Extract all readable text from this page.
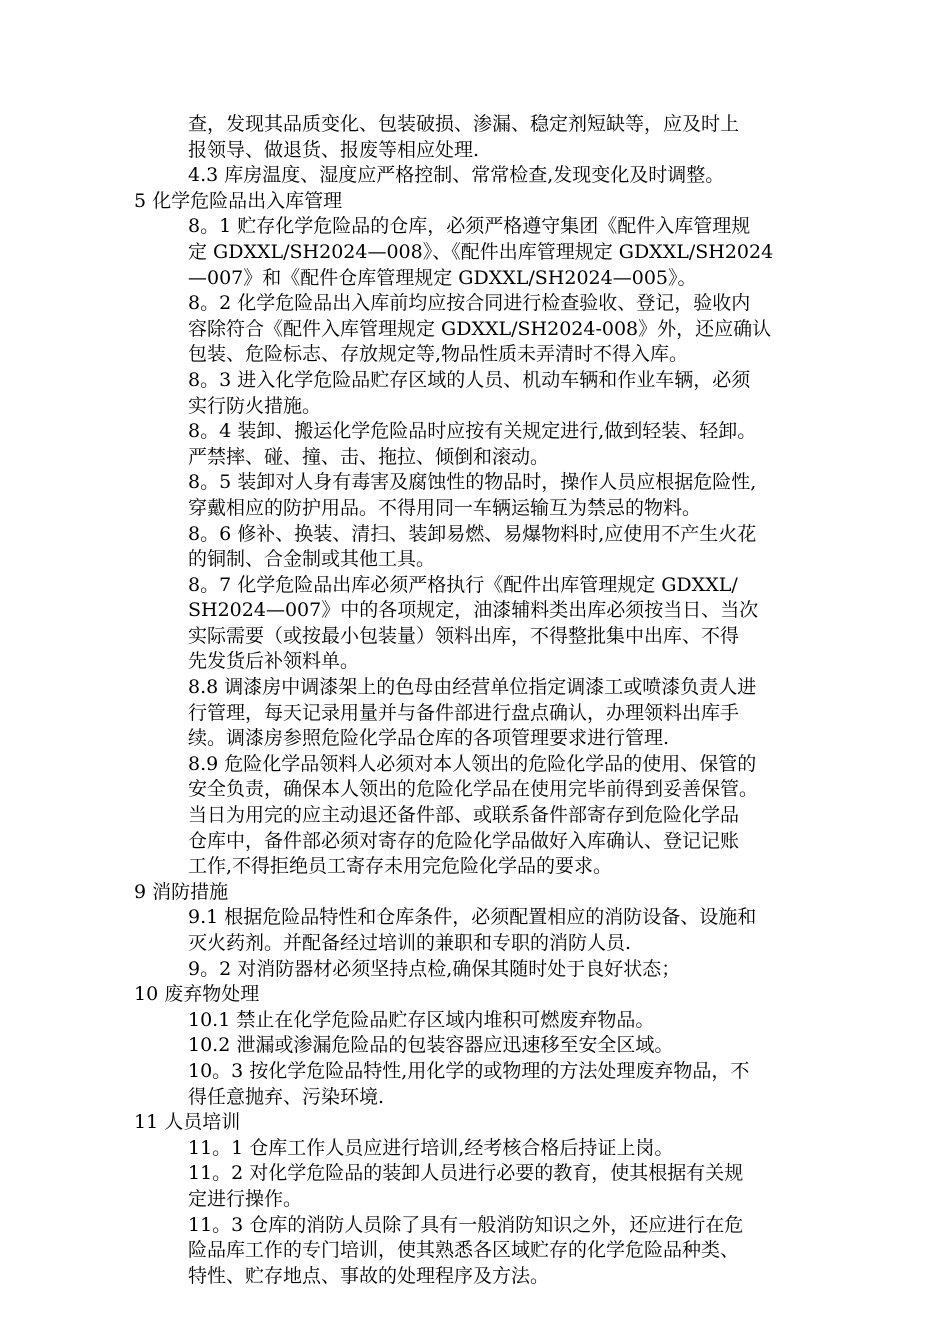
查，发现其品质变化、包装破损、渗漏、稳定剂短缺等，应及时上
报领导、做退货、报废等相应处理.

4.3 库房温度、湿度应严格控制、常常检查,发现变化及时调整。

5 化学危险品出入库管理

8。1 贮存化学危险品的仓库，必须严格遵守集团《配件入库管理规
定 GDXXL/SH2024—008》、《配件出库管理规定 GDXXL/SH2024
—007》和《配件仓库管理规定 GDXXL/SH2024—005》。

8。2 化学危险品出入库前均应按合同进行检查验收、登记，验收内
容除符合《配件入库管理规定 GDXXL/SH2024-008》外，还应确认
包装、危险标志、存放规定等,物品性质未弄清时不得入库。

8。3 进入化学危险品贮存区域的人员、机动车辆和作业车辆，必须
实行防火措施。

8。4 装卸、搬运化学危险品时应按有关规定进行,做到轻装、轻卸。
严禁摔、碰、撞、击、拖拉、倾倒和滚动。

8。5 装卸对人身有毒害及腐蚀性的物品时，操作人员应根据危险性,
穿戴相应的防护用品。不得用同一车辆运输互为禁忌的物料。

8。6 修补、换装、清扫、装卸易燃、易爆物料时,应使用不产生火花
的铜制、合金制或其他工具。

8。7 化学危险品出库必须严格执行《配件出库管理规定 GDXXL/
SH2024—007》中的各项规定，油漆辅料类出库必须按当日、当次
实际需要（或按最小包装量）领料出库，不得整批集中出库、不得
先发货后补领料单。

8.8 调漆房中调漆架上的色母由经营单位指定调漆工或喷漆负责人进
行管理，每天记录用量并与备件部进行盘点确认，办理领料出库手
续。调漆房参照危险化学品仓库的各项管理要求进行管理.

8.9 危险化学品领料人必须对本人领出的危险化学品的使用、保管的
安全负责，确保本人领出的危险化学品在使用完毕前得到妥善保管。
当日为用完的应主动退还备件部、或联系备件部寄存到危险化学品
仓库中，备件部必须对寄存的危险化学品做好入库确认、登记记账
工作,不得拒绝员工寄存未用完危险化学品的要求。

9 消防措施

9.1 根据危险品特性和仓库条件，必须配置相应的消防设备、设施和
灭火药剂。并配备经过培训的兼职和专职的消防人员.

9。2 对消防器材必须坚持点检,确保其随时处于良好状态；

10 废弃物处理

10.1 禁止在化学危险品贮存区域内堆积可燃废弃物品。

10.2 泄漏或渗漏危险品的包装容器应迅速移至安全区域。

10。3 按化学危险品特性,用化学的或物理的方法处理废弃物品，不
得任意抛弃、污染环境.

11 人员培训

11。1 仓库工作人员应进行培训,经考核合格后持证上岗。

11。2 对化学危险品的装卸人员进行必要的教育，使其根据有关规
定进行操作。

11。3 仓库的消防人员除了具有一般消防知识之外，还应进行在危
险品库工作的专门培训，使其熟悉各区域贮存的化学危险品种类、
特性、贮存地点、事故的处理程序及方法。
